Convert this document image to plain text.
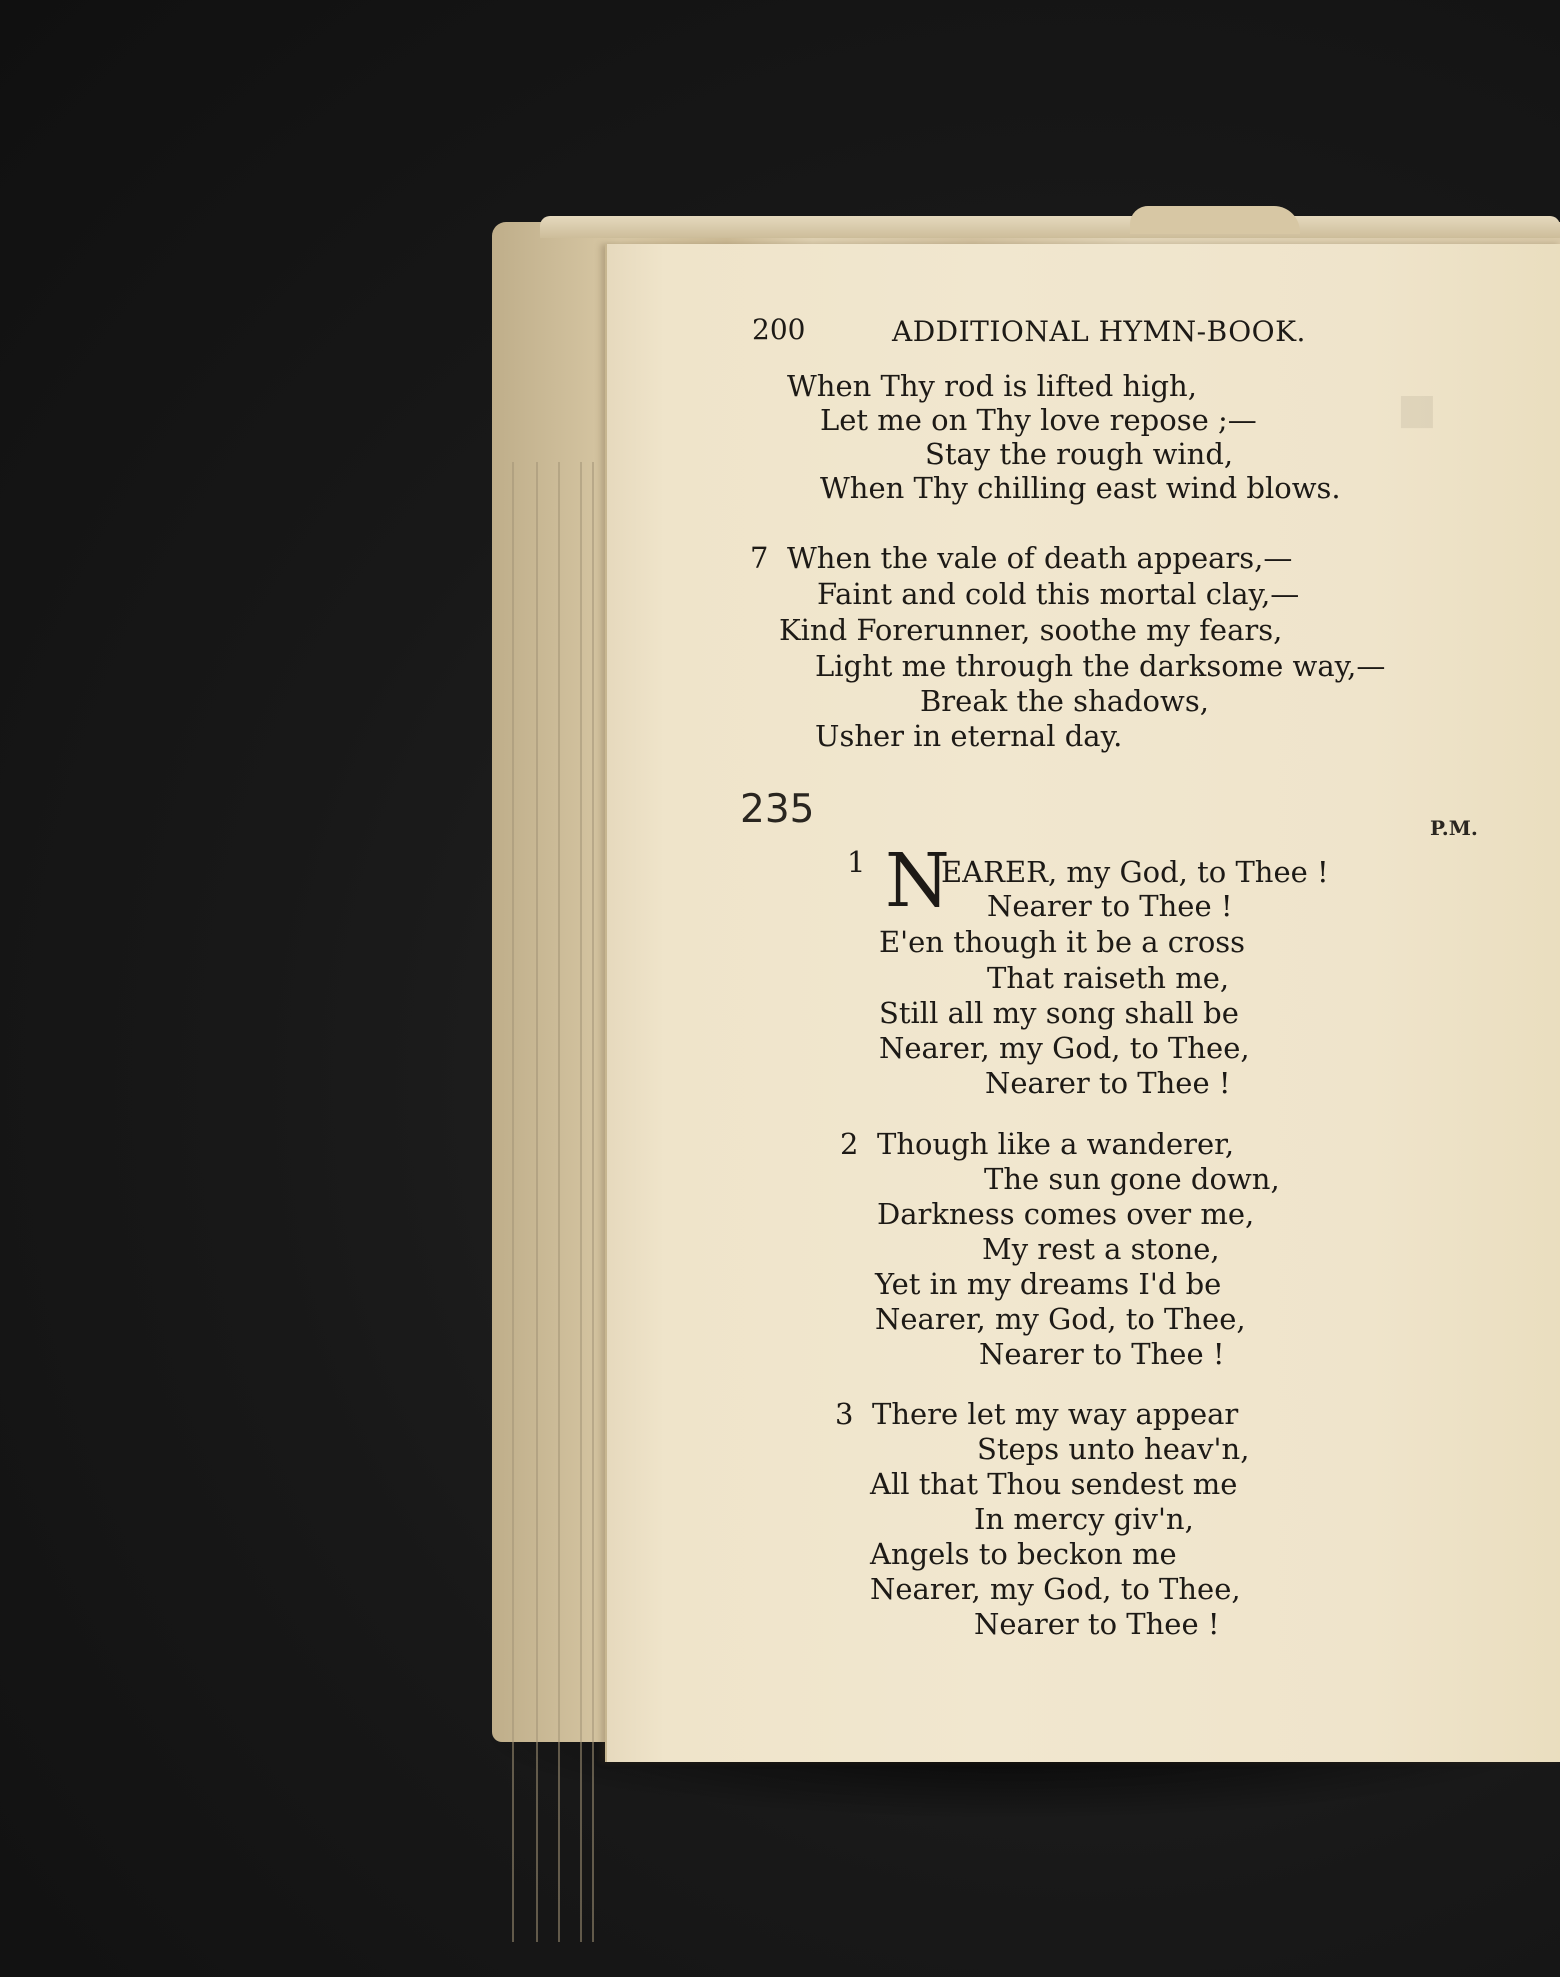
■
200	ADDITIONAL HYMN-BOOK.
When Thy rod is lifted high,
Let me on Thy love repose ;—
Stay the rough wind,
When Thy chilling east wind blows.
7 When the vale of death appears,—
Faint and cold this mortal clay,—
Kind Forerunner, soothe my fears,
Light me through the darksome way,—
Break the shadows,
Usher in eternal day.
235	P.M.
1 N
EARER, my God, to Thee !
Nearer to Thee !
E'en though it be a cross
That raiseth me,
Still all my song shall be
Nearer, my God, to Thee,
Nearer to Thee !
2 Though like a wanderer,
The sun gone down,
Darkness comes over me,
My rest a stone,
Yet in my dreams I'd be
Nearer, my God, to Thee,
Nearer to Thee !
3 There let my way appear
Steps unto heav'n,
All that Thou sendest me
In mercy giv'n,
Angels to beckon me
Nearer, my God, to Thee,
Nearer to Thee !
